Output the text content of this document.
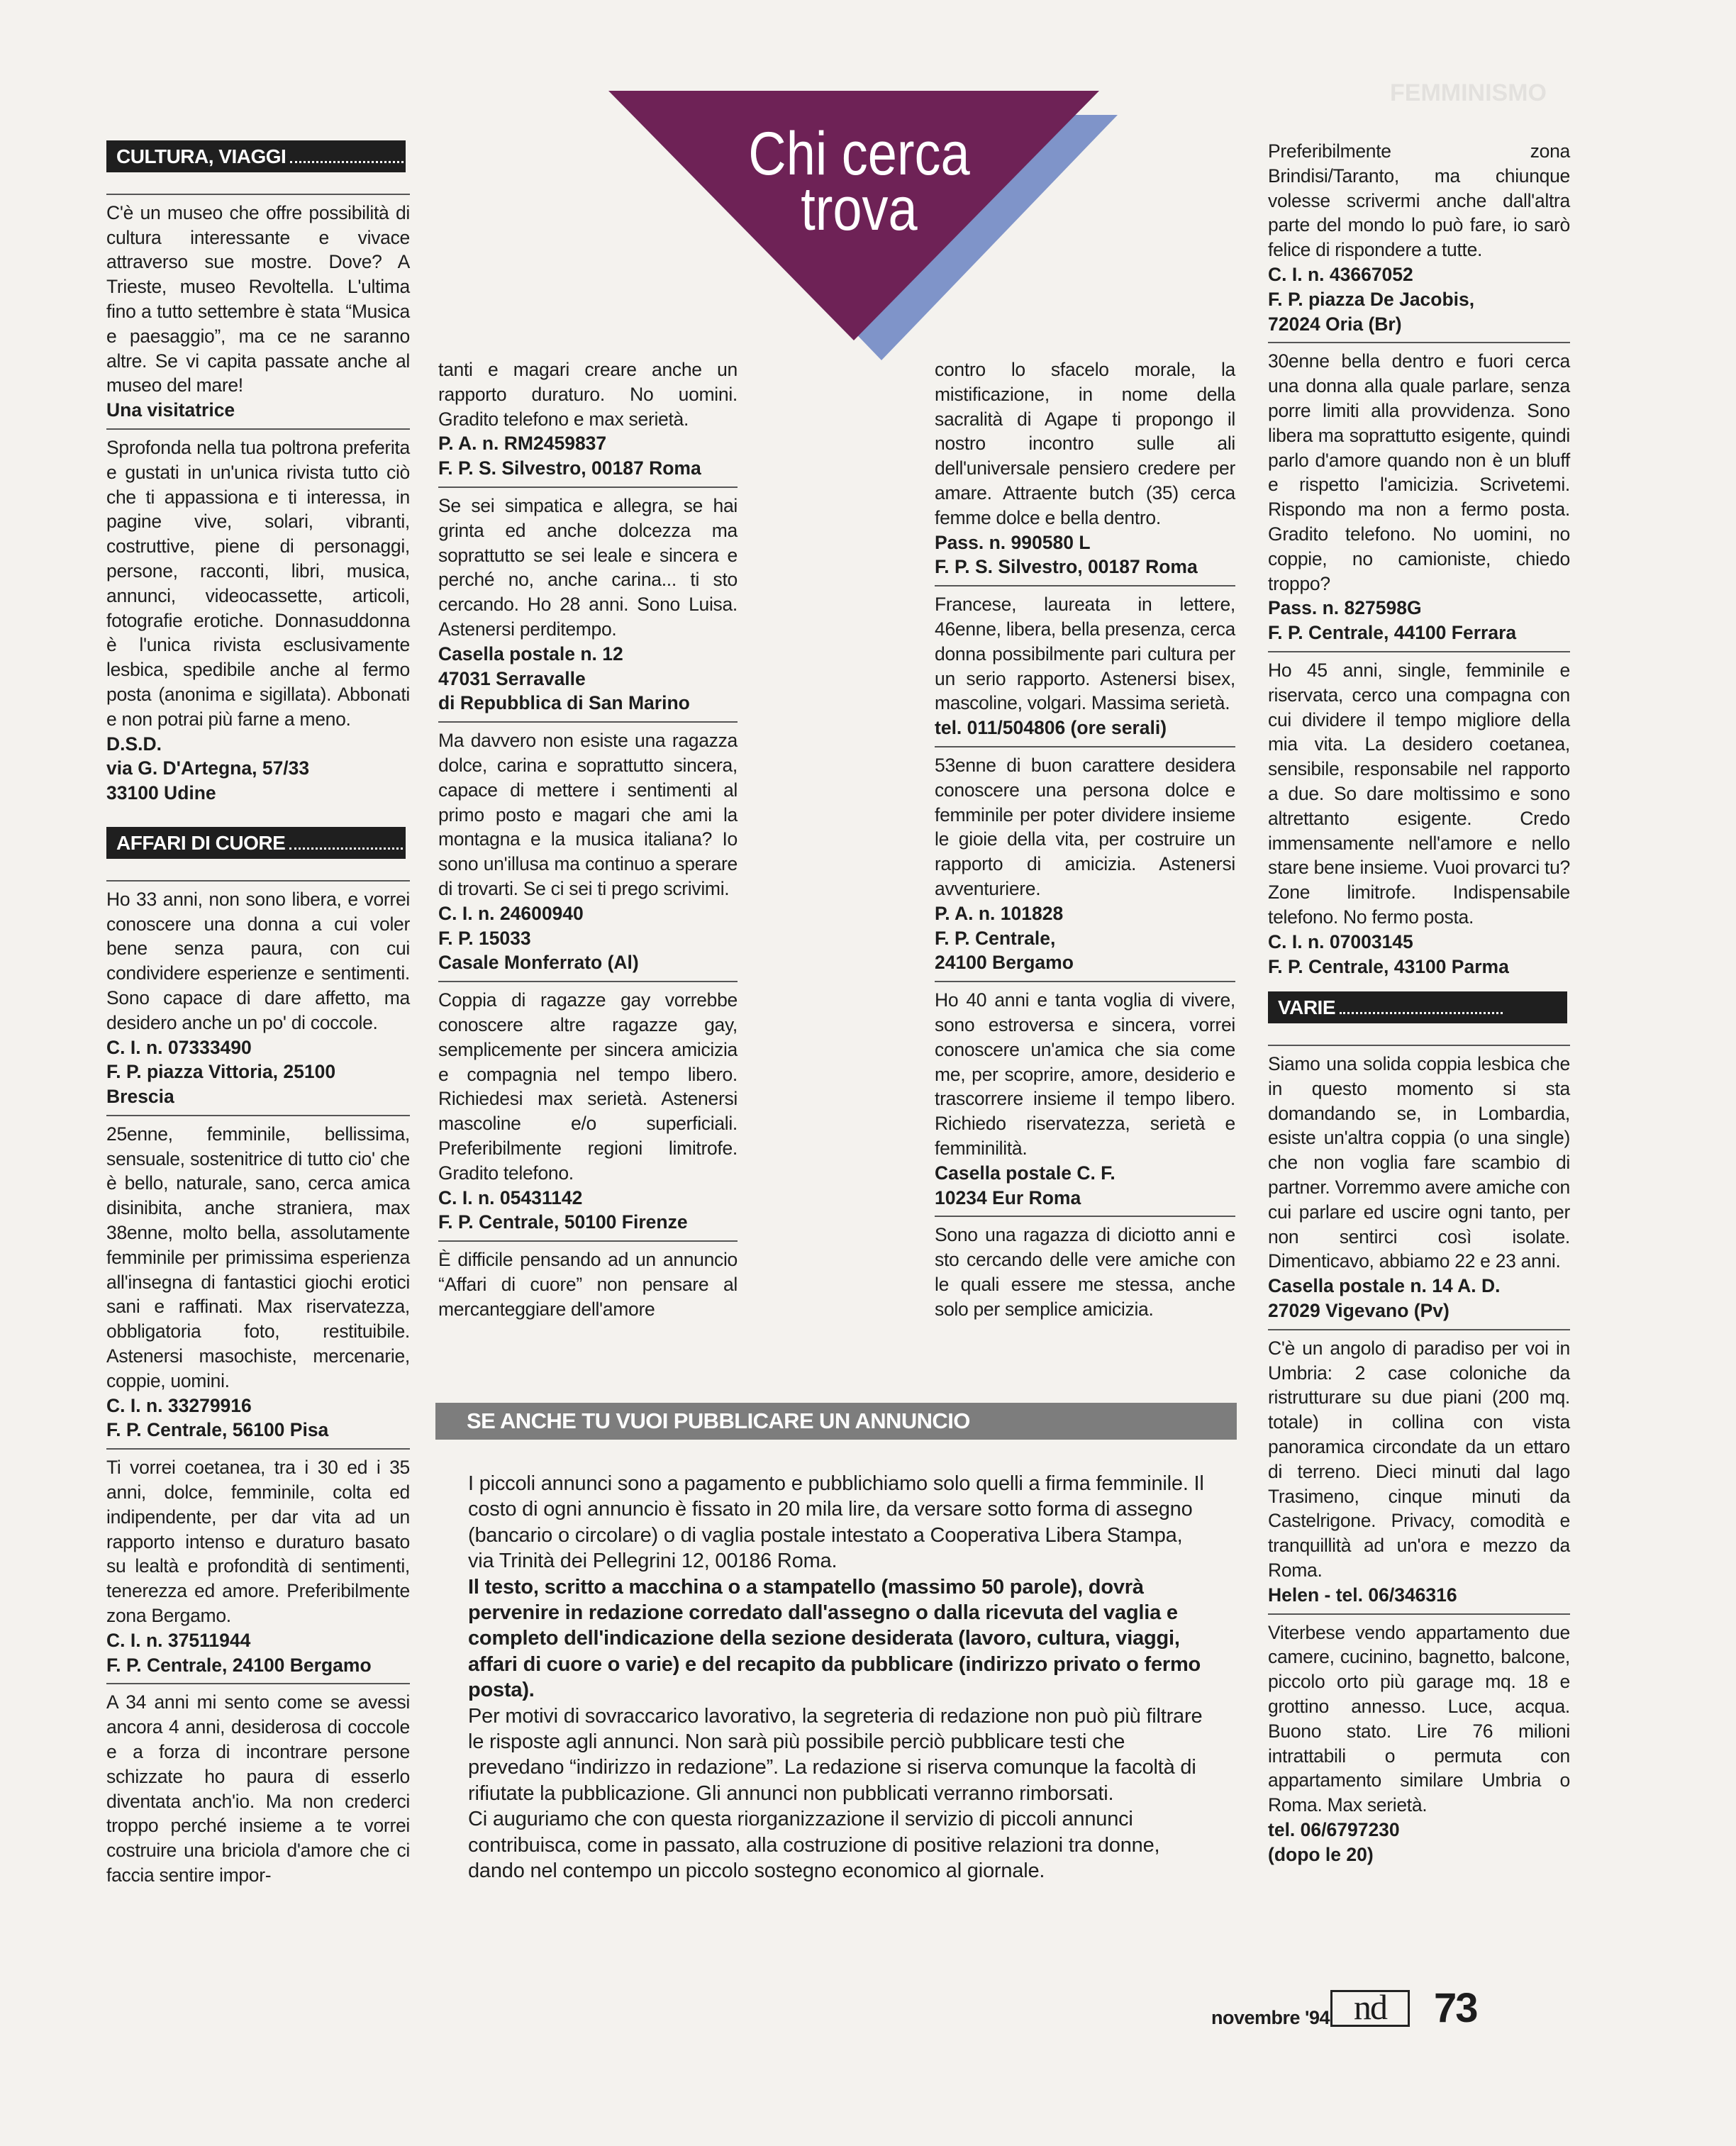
FEMMINISMO
Chi cerca
trova
CULTURA, VIAGGI

C'è un museo che offre possibilità di cultura interessante e vivace attraverso sue mostre. Dove? A Trieste, museo Revoltella. L'ultima fino a tutto settembre è stata “Musica e paesaggio”, ma ce ne saranno altre. Se vi capita passate anche al museo del mare!

Una visitatrice

Sprofonda nella tua poltrona preferita e gustati in un'unica rivista tutto ciò che ti appassiona e ti interessa, in pagine vive, solari, vibranti, costruttive, piene di personaggi, persone, racconti, libri, musica, annunci, videocassette, articoli, fotografie erotiche. Donnasuddonna è l'unica rivista esclusivamente lesbica, spedibile anche al fermo posta (anonima e sigillata). Abbonati e non potrai più farne a meno.

D.S.D.

via G. D'Artegna, 57/33

33100 Udine

AFFARI DI CUORE

Ho 33 anni, non sono libera, e vorrei conoscere una donna a cui voler bene senza paura, con cui condividere esperienze e sentimenti. Sono capace di dare affetto, ma desidero anche un po' di coccole.

C. I. n. 07333490

F. P. piazza Vittoria, 25100

Brescia

25enne, femminile, bellissima, sensuale, sostenitrice di tutto cio' che è bello, naturale, sano, cerca amica disinibita, anche straniera, max 38enne, molto bella, assolutamente femminile per primissima esperienza all'insegna di fantastici giochi erotici sani e raffinati. Max riservatezza, obbligatoria foto, restituibile. Astenersi masochiste, mercenarie, coppie, uomini.

C. I. n. 33279916

F. P. Centrale, 56100 Pisa

Ti vorrei coetanea, tra i 30 ed i 35 anni, dolce, femminile, colta ed indipendente, per dar vita ad un rapporto intenso e duraturo basato su lealtà e profondità di sentimenti, tenerezza ed amore. Preferibilmente zona Bergamo.

C. I. n. 37511944

F. P. Centrale, 24100 Bergamo

A 34 anni mi sento come se avessi ancora 4 anni, desiderosa di coccole e a forza di incontrare persone schizzate ho paura di esserlo diventata anch'io. Ma non crederci troppo perché insieme a te vorrei costruire una briciola d'amore che ci faccia sentire impor-

tanti e magari creare anche un rapporto duraturo. No uomini. Gradito telefono e max serietà.

P. A. n. RM2459837

F. P. S. Silvestro, 00187 Roma

Se sei simpatica e allegra, se hai grinta ed anche dolcezza ma soprattutto se sei leale e sincera e perché no, anche carina... ti sto cercando. Ho 28 anni. Sono Luisa. Astenersi perditempo.

Casella postale n. 12

47031 Serravalle

di Repubblica di San Marino

Ma davvero non esiste una ragazza dolce, carina e soprattutto sincera, capace di mettere i sentimenti al primo posto e magari che ami la montagna e la musica italiana? Io sono un'illusa ma continuo a sperare di trovarti. Se ci sei ti prego scrivimi.

C. I. n. 24600940

F. P. 15033

Casale Monferrato (Al)

Coppia di ragazze gay vorrebbe conoscere altre ragazze gay, semplicemente per sincera amicizia e compagnia nel tempo libero. Richiedesi max serietà. Astenersi mascoline e/o superficiali. Preferibilmente regioni limitrofe. Gradito telefono.

C. I. n. 05431142

F. P. Centrale, 50100 Firenze

È difficile pensando ad un annuncio “Affari di cuore” non pensare al mercanteggiare dell'amore

contro lo sfacelo morale, la mistificazione, in nome della sacralità di Agape ti propongo il nostro incontro sulle ali dell'universale pensiero credere per amare. Attraente butch (35) cerca femme dolce e bella dentro.

Pass. n. 990580 L

F. P. S. Silvestro, 00187 Roma

Francese, laureata in lettere, 46enne, libera, bella presenza, cerca donna possibilmente pari cultura per un serio rapporto. Astenersi bisex, mascoline, volgari. Massima serietà.

tel. 011/504806 (ore serali)

53enne di buon carattere desidera conoscere una persona dolce e femminile per poter dividere insieme le gioie della vita, per costruire un rapporto di amicizia. Astenersi avventuriere.

P. A. n. 101828

F. P. Centrale,

24100 Bergamo

Ho 40 anni e tanta voglia di vivere, sono estroversa e sincera, vorrei conoscere un'amica che sia come me, per scoprire, amore, desiderio e trascorrere insieme il tempo libero. Richiedo riservatezza, serietà e femminilità.

Casella postale C. F.

10234 Eur Roma

Sono una ragazza di diciotto anni e sto cercando delle vere amiche con le quali essere me stessa, anche solo per semplice amicizia.

Preferibilmente zona Brindisi/Taranto, ma chiunque volesse scrivermi anche dall'altra parte del mondo lo può fare, io sarò felice di rispondere a tutte.

C. I. n. 43667052

F. P. piazza De Jacobis,

72024 Oria (Br)

30enne bella dentro e fuori cerca una donna alla quale parlare, senza porre limiti alla provvidenza. Sono libera ma soprattutto esigente, quindi parlo d'amore quando non è un bluff e rispetto l'amicizia. Scrivetemi. Rispondo ma non a fermo posta. Gradito telefono. No uomini, no coppie, no camioniste, chiedo troppo?

Pass. n. 827598G

F. P. Centrale, 44100 Ferrara

Ho 45 anni, single, femminile e riservata, cerco una compagna con cui dividere il tempo migliore della mia vita. La desidero coetanea, sensibile, responsabile nel rapporto a due. So dare moltissimo e sono altrettanto esigente. Credo immensamente nell'amore e nello stare bene insieme. Vuoi provarci tu? Zone limitrofe. Indispensabile telefono. No fermo posta.

C. I. n. 07003145

F. P. Centrale, 43100 Parma

VARIE

Siamo una solida coppia lesbica che in questo momento si sta domandando se, in Lombardia, esiste un'altra coppia (o una single) che non voglia fare scambio di partner. Vorremmo avere amiche con cui parlare ed uscire ogni tanto, per non sentirci così isolate. Dimenticavo, abbiamo 22 e 23 anni.

Casella postale n. 14 A. D.

27029 Vigevano (Pv)

C'è un angolo di paradiso per voi in Umbria: 2 case coloniche da ristrutturare su due piani (200 mq. totale) in collina con vista panoramica circondate da un ettaro di terreno. Dieci minuti dal lago Trasimeno, cinque minuti da Castelrigone. Privacy, comodità e tranquillità ad un'ora e mezzo da Roma.

Helen - tel. 06/346316

Viterbese vendo appartamento due camere, cucinino, bagnetto, balcone, piccolo orto più garage mq. 18 e grottino annesso. Luce, acqua. Buono stato. Lire 76 milioni intrattabili o permuta con appartamento similare Umbria o Roma. Max serietà.

tel. 06/6797230

(dopo le 20)

SE ANCHE TU VUOI PUBBLICARE UN ANNUNCIO

I piccoli annunci sono a pagamento e pubblichiamo solo quelli a firma femminile. Il costo di ogni annuncio è fissato in 20 mila lire, da versare sotto forma di assegno (bancario o circolare) o di vaglia postale intestato a Cooperativa Libera Stampa, via Trinità dei Pellegrini 12, 00186 Roma.

Il testo, scritto a macchina o a stampatello (massimo 50 parole), dovrà pervenire in redazione corredato dall'assegno o dalla ricevuta del vaglia e completo dell'indicazione della sezione desiderata (lavoro, cultura, viaggi, affari di cuore o varie) e del recapito da pubblicare (indirizzo privato o fermo posta).

Per motivi di sovraccarico lavorativo, la segreteria di redazione non può più filtrare le risposte agli annunci. Non sarà più possibile perciò pubblicare testi che prevedano “indirizzo in redazione”. La redazione si riserva comunque la facoltà di rifiutate la pubblicazione. Gli annunci non pubblicati verranno rimborsati.

Ci auguriamo che con questa riorganizzazione il servizio di piccoli annunci contribuisca, come in passato, alla costruzione di positive relazioni tra donne, dando nel contempo un piccolo sostegno economico al giornale.

novembre '94 nd	73
